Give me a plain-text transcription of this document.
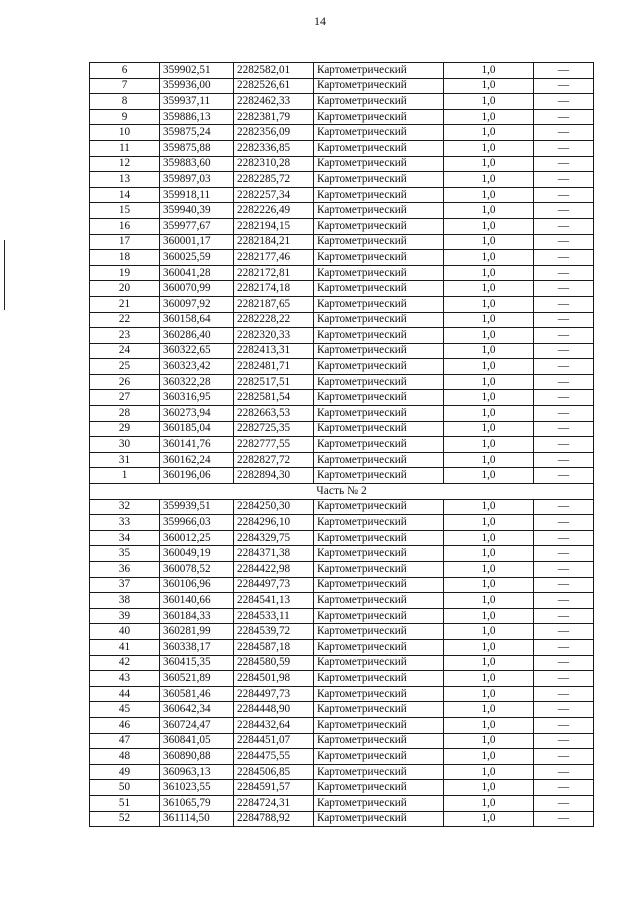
14
6	359902,51	2282582,01	Картометрический	1,0	—
7	359936,00	2282526,61	Картометрический	1,0	—
8	359937,11	2282462,33	Картометрический	1,0	—
9	359886,13	2282381,79	Картометрический	1,0	—
10	359875,24	2282356,09	Картометрический	1,0	—
11	359875,88	2282336,85	Картометрический	1,0	—
12	359883,60	2282310,28	Картометрический	1,0	—
13	359897,03	2282285,72	Картометрический	1,0	—
14	359918,11	2282257,34	Картометрический	1,0	—
15	359940,39	2282226,49	Картометрический	1,0	—
16	359977,67	2282194,15	Картометрический	1,0	—
17	360001,17	2282184,21	Картометрический	1,0	—
18	360025,59	2282177,46	Картометрический	1,0	—
19	360041,28	2282172,81	Картометрический	1,0	—
20	360070,99	2282174,18	Картометрический	1,0	—
21	360097,92	2282187,65	Картометрический	1,0	—
22	360158,64	2282228,22	Картометрический	1,0	—
23	360286,40	2282320,33	Картометрический	1,0	—
24	360322,65	2282413,31	Картометрический	1,0	—
25	360323,42	2282481,71	Картометрический	1,0	—
26	360322,28	2282517,51	Картометрический	1,0	—
27	360316,95	2282581,54	Картометрический	1,0	—
28	360273,94	2282663,53	Картометрический	1,0	—
29	360185,04	2282725,35	Картометрический	1,0	—
30	360141,76	2282777,55	Картометрический	1,0	—
31	360162,24	2282827,72	Картометрический	1,0	—
1	360196,06	2282894,30	Картометрический	1,0	—
Часть № 2					
32	359939,51	2284250,30	Картометрический	1,0	—
33	359966,03	2284296,10	Картометрический	1,0	—
34	360012,25	2284329,75	Картометрический	1,0	—
35	360049,19	2284371,38	Картометрический	1,0	—
36	360078,52	2284422,98	Картометрический	1,0	—
37	360106,96	2284497,73	Картометрический	1,0	—
38	360140,66	2284541,13	Картометрический	1,0	—
39	360184,33	2284533,11	Картометрический	1,0	—
40	360281,99	2284539,72	Картометрический	1,0	—
41	360338,17	2284587,18	Картометрический	1,0	—
42	360415,35	2284580,59	Картометрический	1,0	—
43	360521,89	2284501,98	Картометрический	1,0	—
44	360581,46	2284497,73	Картометрический	1,0	—
45	360642,34	2284448,90	Картометрический	1,0	—
46	360724,47	2284432,64	Картометрический	1,0	—
47	360841,05	2284451,07	Картометрический	1,0	—
48	360890,88	2284475,55	Картометрический	1,0	—
49	360963,13	2284506,85	Картометрический	1,0	—
50	361023,55	2284591,57	Картометрический	1,0	—
51	361065,79	2284724,31	Картометрический	1,0	—
52	361114,50	2284788,92	Картометрический	1,0	—
